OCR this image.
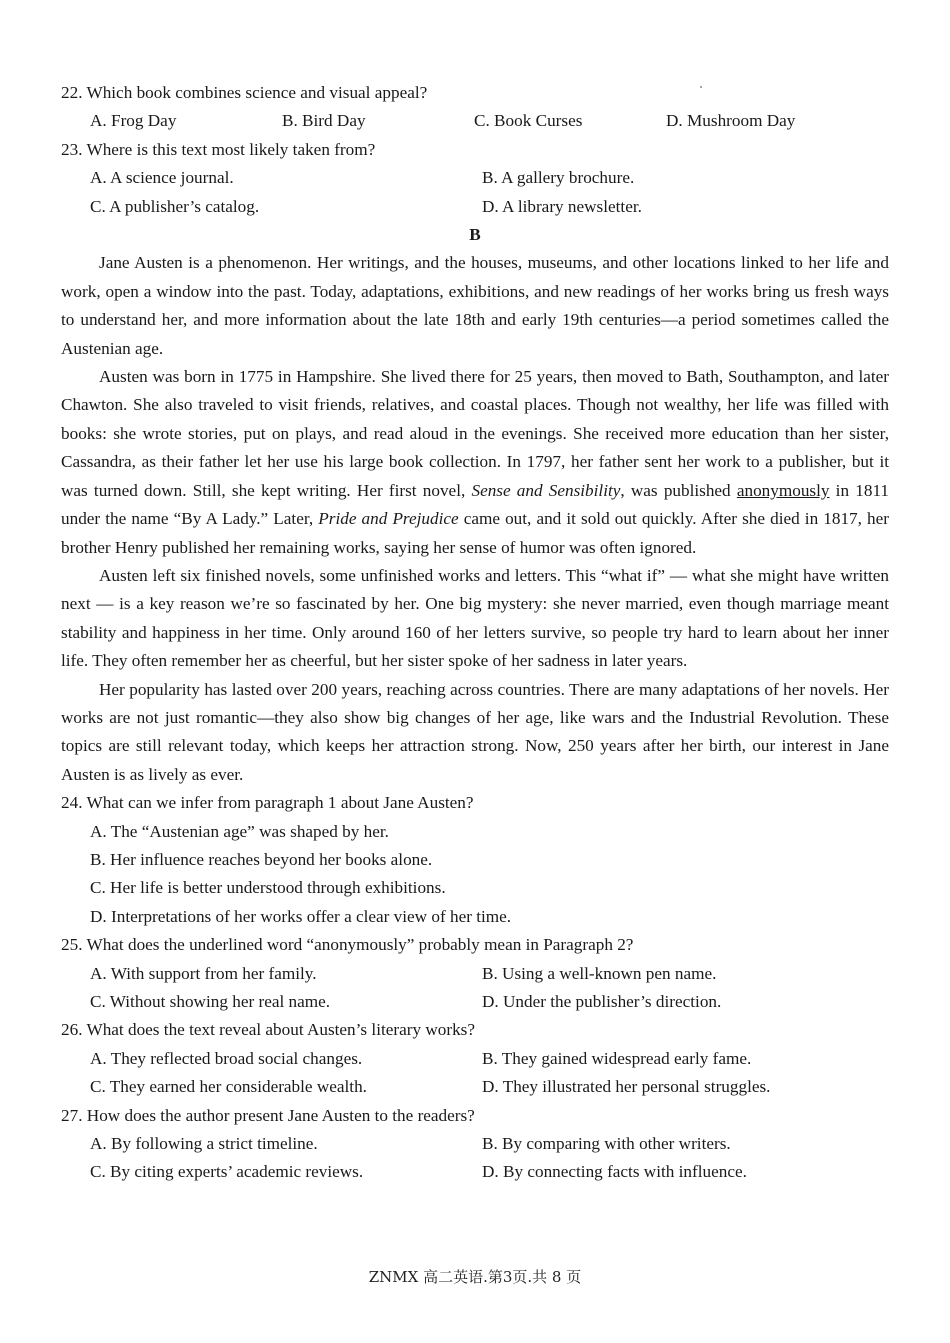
22. Which book combines science and visual appeal?
A. Frog Day	B. Bird Day	C. Book Curses	D. Mushroom Day
23. Where is this text most likely taken from?
A. A science journal.	B. A gallery brochure.
C. A publisher’s catalog.	D. A library newsletter.
B

Jane Austen is a phenomenon. Her writings, and the houses, museums, and other locations linked to her life and work, open a window into the past. Today, adaptations, exhibitions, and new readings of her works bring us fresh ways to understand her, and more information about the late 18th and early 19th centuries—a period sometimes called the Austenian age.

Austen was born in 1775 in Hampshire. She lived there for 25 years, then moved to Bath, Southampton, and later Chawton. She also traveled to visit friends, relatives, and coastal places. Though not wealthy, her life was filled with books: she wrote stories, put on plays, and read aloud in the evenings. She received more education than her sister, Cassandra, as their father let her use his large book collection. In 1797, her father sent her work to a publisher, but it was turned down. Still, she kept writing. Her first novel, Sense and Sensibility, was published anonymously in 1811 under the name “By A Lady.” Later, Pride and Prejudice came out, and it sold out quickly. After she died in 1817, her brother Henry published her remaining works, saying her sense of humor was often ignored.

Austen left six finished novels, some unfinished works and letters. This “what if” — what she might have written next — is a key reason we’re so fascinated by her. One big mystery: she never married, even though marriage meant stability and happiness in her time. Only around 160 of her letters survive, so people try hard to learn about her inner life. They often remember her as cheerful, but her sister spoke of her sadness in later years.

Her popularity has lasted over 200 years, reaching across countries. There are many adaptations of her novels. Her works are not just romantic—they also show big changes of her age, like wars and the Industrial Revolution. These topics are still relevant today, which keeps her attraction strong. Now, 250 years after her birth, our interest in Jane Austen is as lively as ever.

24. What can we infer from paragraph 1 about Jane Austen?
A. The “Austenian age” was shaped by her.
B. Her influence reaches beyond her books alone.
C. Her life is better understood through exhibitions.
D. Interpretations of her works offer a clear view of her time.
25. What does the underlined word “anonymously” probably mean in Paragraph 2?
A. With support from her family.	B. Using a well-known pen name.
C. Without showing her real name.	D. Under the publisher’s direction.
26. What does the text reveal about Austen’s literary works?
A. They reflected broad social changes.	B. They gained widespread early fame.
C. They earned her considerable wealth.	D. They illustrated her personal struggles.
27. How does the author present Jane Austen to the readers?
A. By following a strict timeline.	B. By comparing with other writers.
C. By citing experts’ academic reviews.	D. By connecting facts with influence.
ZNMX 高二英语.第3页.共 8 页
